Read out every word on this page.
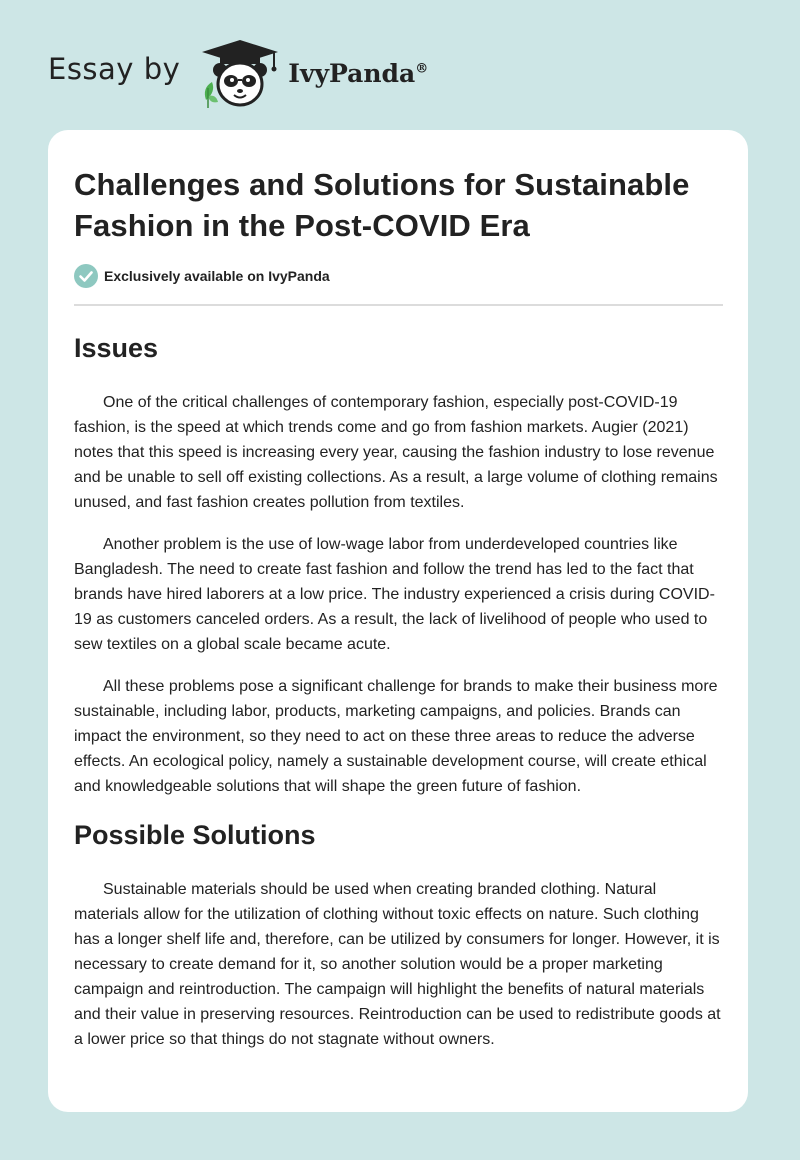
Essay by	IvyPanda®
Challenges and Solutions for Sustainable Fashion in the Post-COVID Era
Exclusively available on IvyPanda
Issues

One of the critical challenges of contemporary fashion, especially post-COVID-19 fashion, is the speed at which trends come and go from fashion markets. Augier (2021) notes that this speed is increasing every year, causing the fashion industry to lose revenue and be unable to sell off existing collections. As a result, a large volume of clothing remains unused, and fast fashion creates pollution from textiles.

Another problem is the use of low-wage labor from underdeveloped countries like Bangladesh. The need to create fast fashion and follow the trend has led to the fact that brands have hired laborers at a low price. The industry experienced a crisis during COVID-19 as customers canceled orders. As a result, the lack of livelihood of people who used to sew textiles on a global scale became acute.

All these problems pose a significant challenge for brands to make their business more sustainable, including labor, products, marketing campaigns, and policies. Brands can impact the environment, so they need to act on these three areas to reduce the adverse effects. An ecological policy, namely a sustainable development course, will create ethical and knowledgeable solutions that will shape the green future of fashion.

Possible Solutions

Sustainable materials should be used when creating branded clothing. Natural materials allow for the utilization of clothing without toxic effects on nature. Such clothing has a longer shelf life and, therefore, can be utilized by consumers for longer. However, it is necessary to create demand for it, so another solution would be a proper marketing campaign and reintroduction. The campaign will highlight the benefits of natural materials and their value in preserving resources. Reintroduction can be used to redistribute goods at a lower price so that things do not stagnate without owners.
